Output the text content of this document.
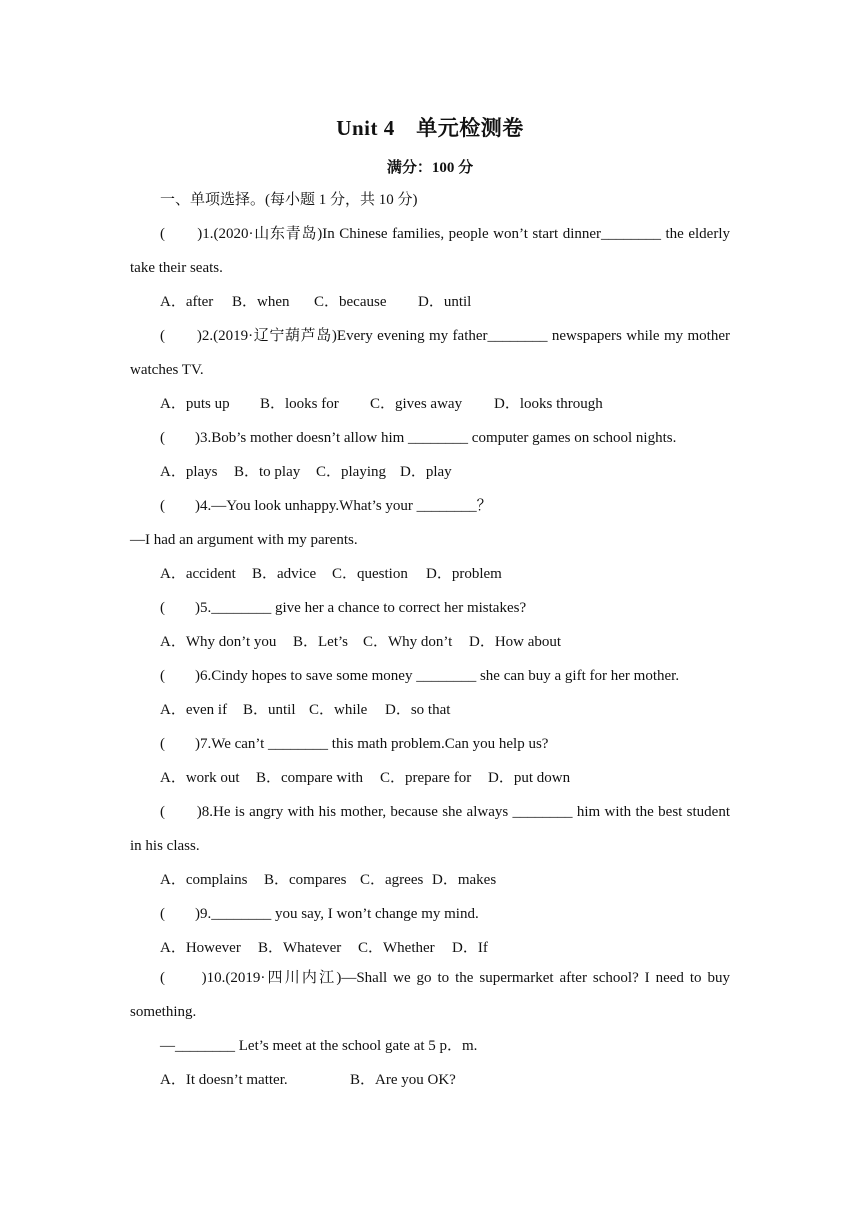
Unit 4　单元检测卷
满分：100 分
一、单项选择。(每小题 1 分，共 10 分)
(　　)1.(2020·山东青岛)In Chinese families, people won’t start dinner________ the elderly
take their seats.
A．after B．when C．because D．until
(　　)2.(2019·辽宁葫芦岛)Every evening my father________ newspapers while my mother
watches TV.
A．puts up B．looks for C．gives away D．looks through
(　　)3.Bob’s mother doesn’t allow him ________ computer games on school nights.
A．plays B．to play C．playing D．play
(　　)4.—You look unhappy.What’s your ________？
—I had an argument with my parents.
A．accident B．advice C．question D．problem
(　　)5.________ give her a chance to correct her mistakes?
A．Why don’t you B．Let’s C．Why don’t D．How about
(　　)6.Cindy hopes to save some money ________ she can buy a gift for her mother.
A．even if B．until C．while D．so that
(　　)7.We can’t ________ this math problem.Can you help us?
A．work out B．compare with C．prepare for D．put down
(　　)8.He is angry with his mother, because she always ________ him with the best student
in his class.
A．complains B．compares C．agrees D．makes
(　　)9.________ you say, I won’t change my mind.
A．However B．Whatever C．Whether D．If
(　　)10.(2019·四川内江)—Shall we go to the supermarket after school? I need to buy
something.
—________ Let’s meet at the school gate at 5 p．m.
A．It doesn’t matter.	B．Are you OK?
